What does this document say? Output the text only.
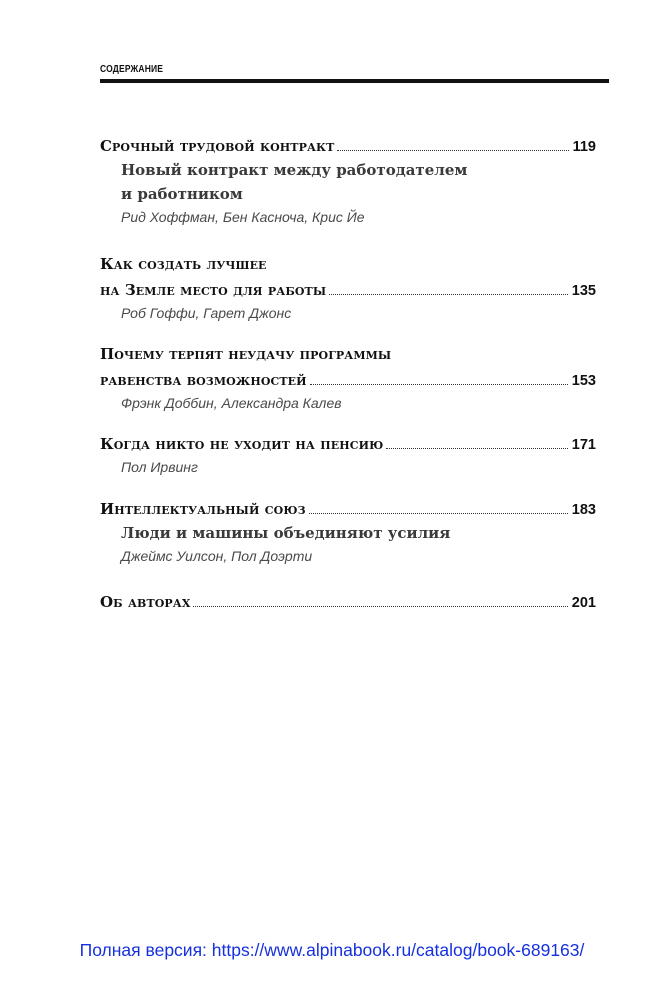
СОДЕРЖАНИЕ
Срочный трудовой контракт	119
Новый контракт между работодателем
и работником
Рид Хоффман, Бен Касноча, Крис Йе
Как создать лучшее
на Земле место для работы	135
Роб Гоффи, Гарет Джонс
Почему терпят неудачу программы
равенства возможностей	153
Фрэнк Доббин, Александра Калев
Когда никто не уходит на пенсию	171
Пол Ирвинг
Интеллектуальный союз	183
Люди и машины объединяют усилия
Джеймс Уилсон, Пол Доэрти
Об авторах	201
Полная версия: https://www.alpinabook.ru/catalog/book-689163/
